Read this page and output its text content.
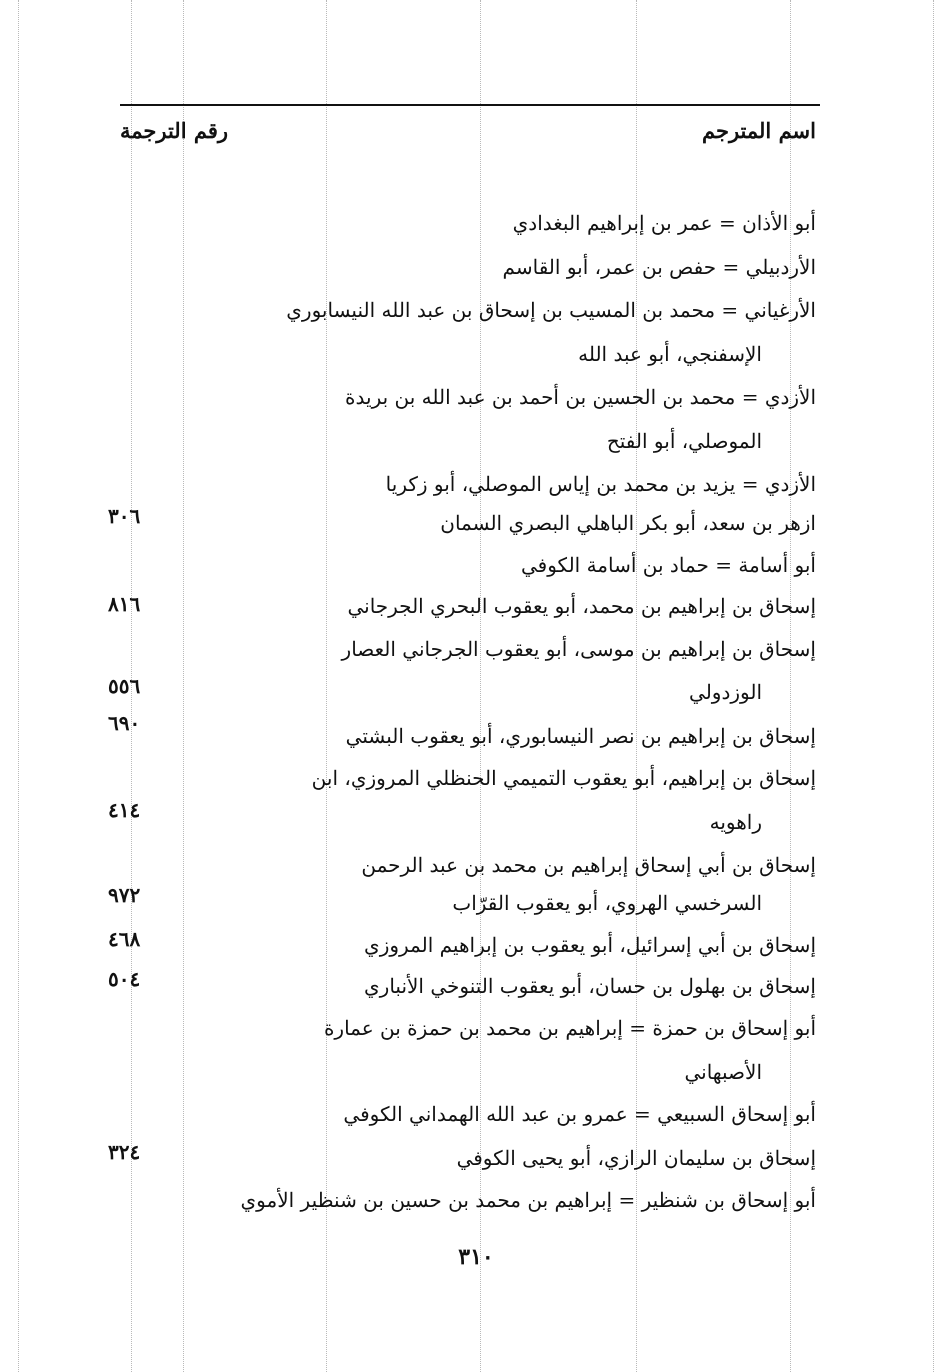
اسم المترجم
رقم الترجمة
أبو الأذان = عمر بن إبراهيم البغدادي
الأردبيلي = حفص بن عمر، أبو القاسم
الأرغياني = محمد بن المسيب بن إسحاق بن عبد الله النيسابوري
الإسفنجي، أبو عبد الله
الأزدي = محمد بن الحسين بن أحمد بن عبد الله بن بريدة
الموصلي، أبو الفتح
الأزدي = يزيد بن محمد بن إياس الموصلي، أبو زكريا
ازهر بن سعد، أبو بكر الباهلي البصري السمان
٣٠٦
أبو أسامة = حماد بن أسامة الكوفي
إسحاق بن إبراهيم بن محمد، أبو يعقوب البحري الجرجاني
٨١٦
إسحاق بن إبراهيم بن موسى، أبو يعقوب الجرجاني العصار
الوزدولي
٥٥٦
إسحاق بن إبراهيم بن نصر النيسابوري، أبو يعقوب البشتي
٦٩٠
إسحاق بن إبراهيم، أبو يعقوب التميمي الحنظلي المروزي، ابن
راهويه
٤١٤
إسحاق بن أبي إسحاق إبراهيم بن محمد بن عبد الرحمن
السرخسي الهروي، أبو يعقوب القرّاب
٩٧٢
إسحاق بن أبي إسرائيل، أبو يعقوب بن إبراهيم المروزي
٤٦٨
إسحاق بن بهلول بن حسان، أبو يعقوب التنوخي الأنباري
٥٠٤
أبو إسحاق بن حمزة = إبراهيم بن محمد بن حمزة بن عمارة
الأصبهاني
أبو إسحاق السبيعي = عمرو بن عبد الله الهمداني الكوفي
إسحاق بن سليمان الرازي، أبو يحيى الكوفي
٣٢٤
أبو إسحاق بن شنظير = إبراهيم بن محمد بن حسين بن شنظير الأموي
٣١٠
